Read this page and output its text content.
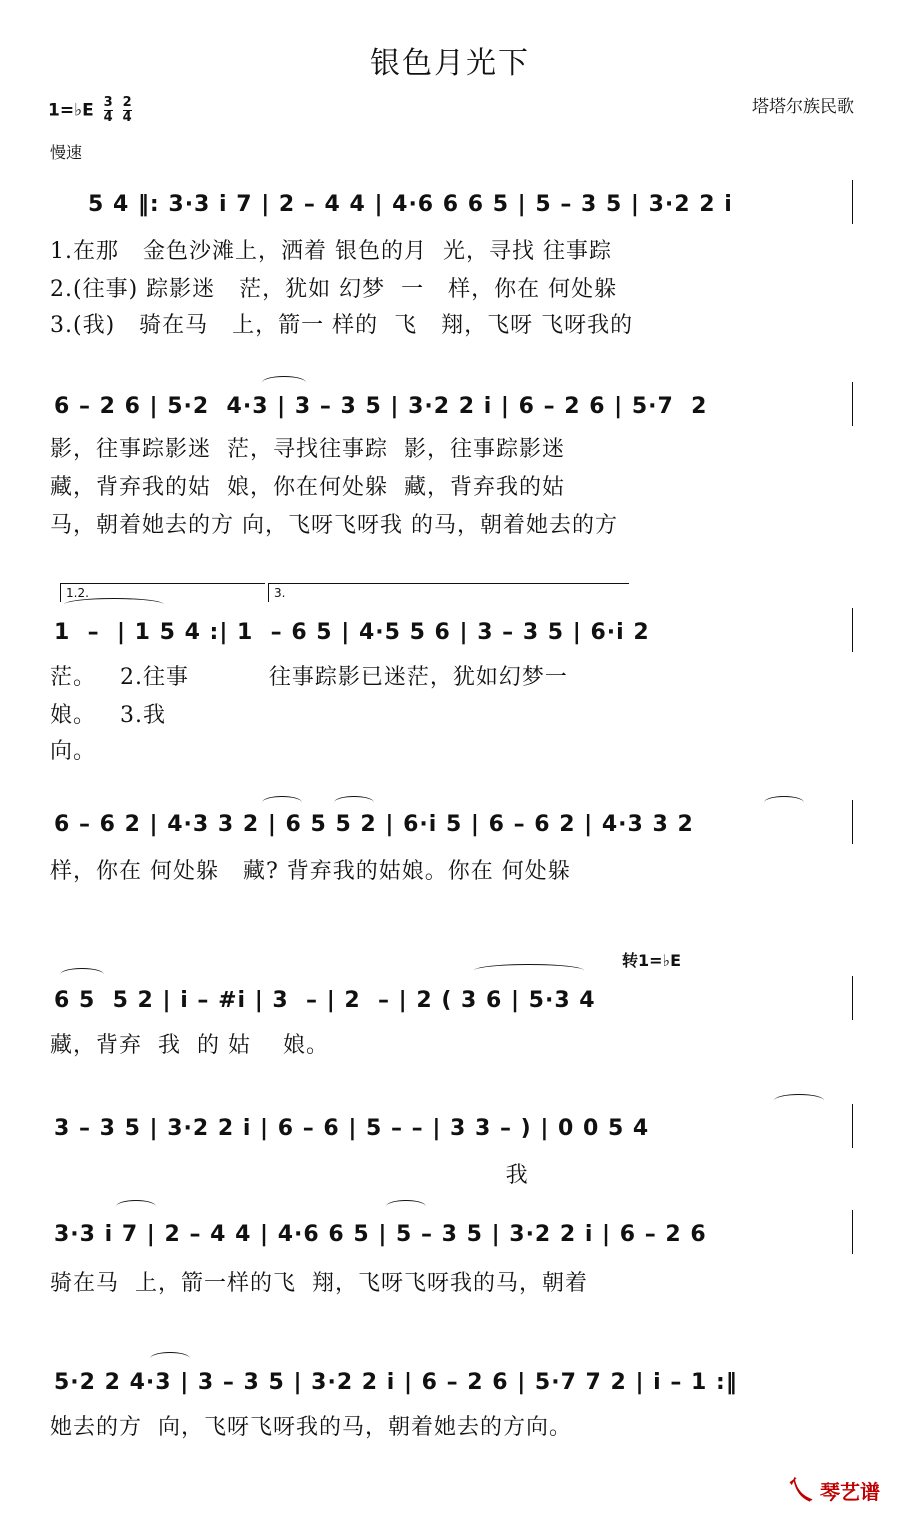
银色月光下
塔塔尔族民歌
1=♭E $\frac{3}{4}$
$\frac{2}{4}$
慢速
5 4 ‖: 3·3 i 7 | 2 – 4 4 | 4·6 6 6 5 | 5 – 3 5 | 3·2 2 i
1.在那   金色沙滩上，洒着 银色的月  光，寻找 往事踪
2.(往事) 踪影迷   茫，犹如 幻梦  一   样，你在 何处躲
3.(我)   骑在马   上，箭一 样的  飞   翔，飞呀 飞呀我的
6 – 2 6 | 5·2  4·3 | 3 – 3 5 | 3·2 2 i | 6 – 2 6 | 5·7  2
影，往事踪影迷  茫，寻找往事踪  影，往事踪影迷
藏，背弃我的姑  娘，你在何处躲  藏，背弃我的姑
马，朝着她去的方 向，飞呀飞呀我 的马，朝着她去的方
1.2.	3.
1  –  | 1 5 4 :| 1  – 6 5 | 4·5 5 6 | 3 – 3 5 | 6·i 2
茫。   2.往事          往事踪影已迷茫，犹如幻梦一
娘。   3.我
向。
6 – 6 2 | 4·3 3 2 | 6 5 5 2 | 6·i 5 | 6 – 6 2 | 4·3 3 2
样，你在 何处躲   藏? 背弃我的姑娘。你在 何处躲
转1=♭E
6 5  5 2 | i – #i | 3  – | 2  – | 2 ( 3 6 | 5·3 4
藏，背弃  我  的 姑    娘。
3 – 3 5 | 3·2 2 i | 6 – 6 | 5 – – | 3 3 – ) | 0 0 5 4
我
3·3 i 7 | 2 – 4 4 | 4·6 6 5 | 5 – 3 5 | 3·2 2 i | 6 – 2 6
骑在马  上，箭一样的飞  翔，飞呀飞呀我的马，朝着
5·2 2 4·3 | 3 – 3 5 | 3·2 2 i | 6 – 2 6 | 5·7 7 2 | i – 1 :‖
她去的方  向，飞呀飞呀我的马，朝着她去的方向。
乀 琴艺谱
